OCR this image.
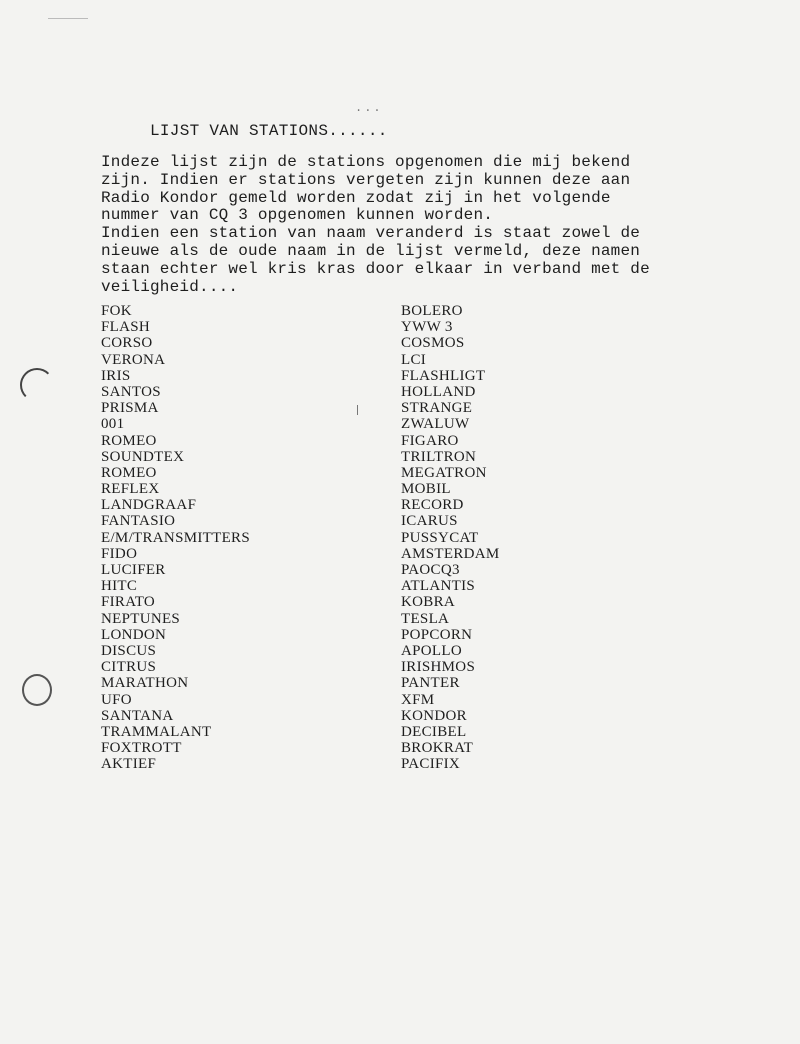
...
LIJST VAN STATIONS......
Indeze lijst zijn de stations opgenomen die mij bekend
zijn. Indien er stations vergeten zijn kunnen deze aan
Radio Kondor gemeld worden zodat zij in het volgende
nummer van CQ 3 opgenomen kunnen worden.
Indien een station van naam veranderd is staat zowel de
nieuwe als de oude naam in de lijst vermeld, deze namen
staan echter wel kris kras door elkaar in verband met de
veiligheid....
FOK
FLASH
CORSO
VERONA
IRIS
SANTOS
PRISMA
001
ROMEO
SOUNDTEX
ROMEO
REFLEX
LANDGRAAF
FANTASIO
E/M/TRANSMITTERS
FIDO
LUCIFER
HITC
FIRATO
NEPTUNES
LONDON
DISCUS
CITRUS
MARATHON
UFO
SANTANA
TRAMMALANT
FOXTROTT
AKTIEF
BOLERO
YWW 3
COSMOS
LCI
FLASHLIGT
HOLLAND
STRANGE
ZWALUW
FIGARO
TRILTRON
MEGATRON
MOBIL
RECORD
ICARUS
PUSSYCAT
AMSTERDAM
PAOCQ3
ATLANTIS
KOBRA
TESLA
POPCORN
APOLLO
IRISHMOS
PANTER
XFM
KONDOR
DECIBEL
BROKRAT
PACIFIX
